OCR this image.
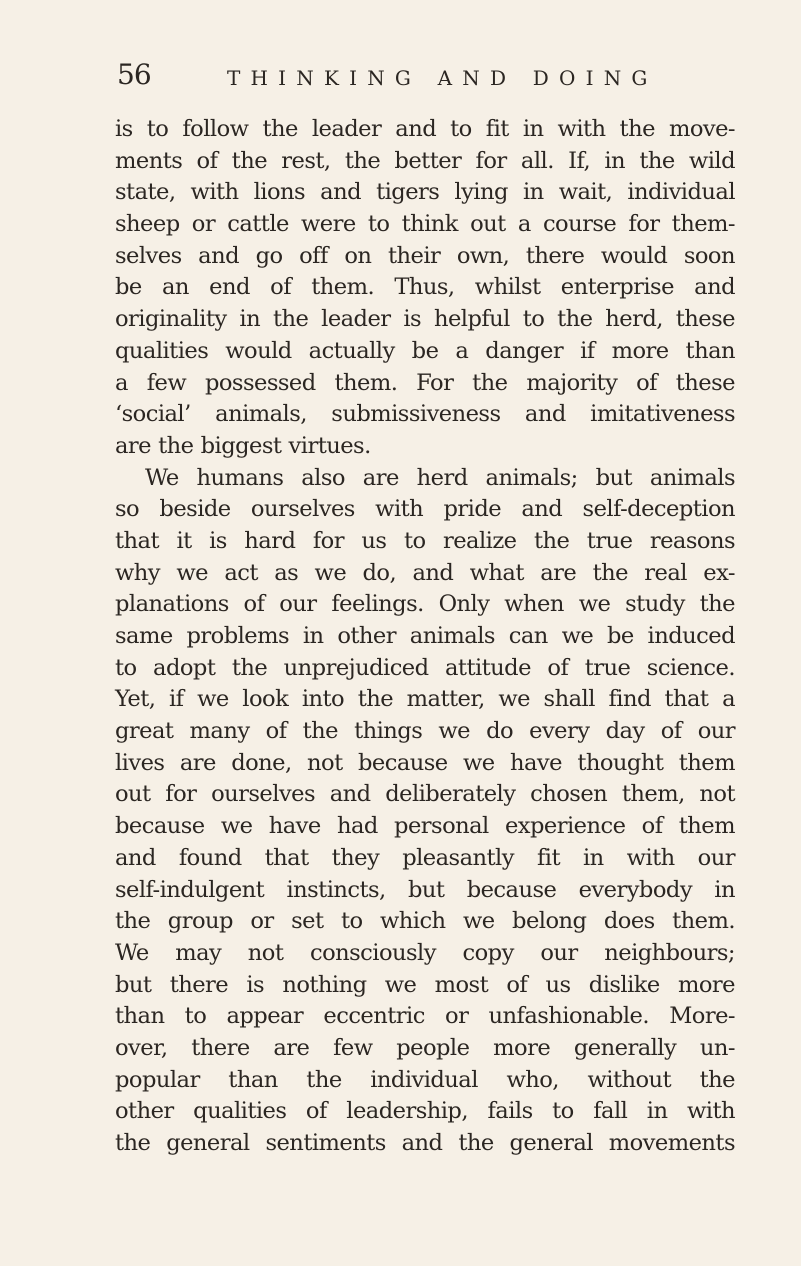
56	THINKING AND DOING
is to follow the leader and to fit in with the move-
ments of the rest, the better for all. If, in the wild
state, with lions and tigers lying in wait, individual
sheep or cattle were to think out a course for them-
selves and go off on their own, there would soon
be an end of them. Thus, whilst enterprise and
originality in the leader is helpful to the herd, these
qualities would actually be a danger if more than
a few possessed them. For the majority of these
‘social’ animals, submissiveness and imitativeness
are the biggest virtues.
We humans also are herd animals; but animals
so beside ourselves with pride and self-deception
that it is hard for us to realize the true reasons
why we act as we do, and what are the real ex-
planations of our feelings. Only when we study the
same problems in other animals can we be induced
to adopt the unprejudiced attitude of true science.
Yet, if we look into the matter, we shall find that a
great many of the things we do every day of our
lives are done, not because we have thought them
out for ourselves and deliberately chosen them, not
because we have had personal experience of them
and found that they pleasantly fit in with our
self-indulgent instincts, but because everybody in
the group or set to which we belong does them.
We may not consciously copy our neighbours;
but there is nothing we most of us dislike more
than to appear eccentric or unfashionable. More-
over, there are few people more generally un-
popular than the individual who, without the
other qualities of leadership, fails to fall in with
the general sentiments and the general movements
